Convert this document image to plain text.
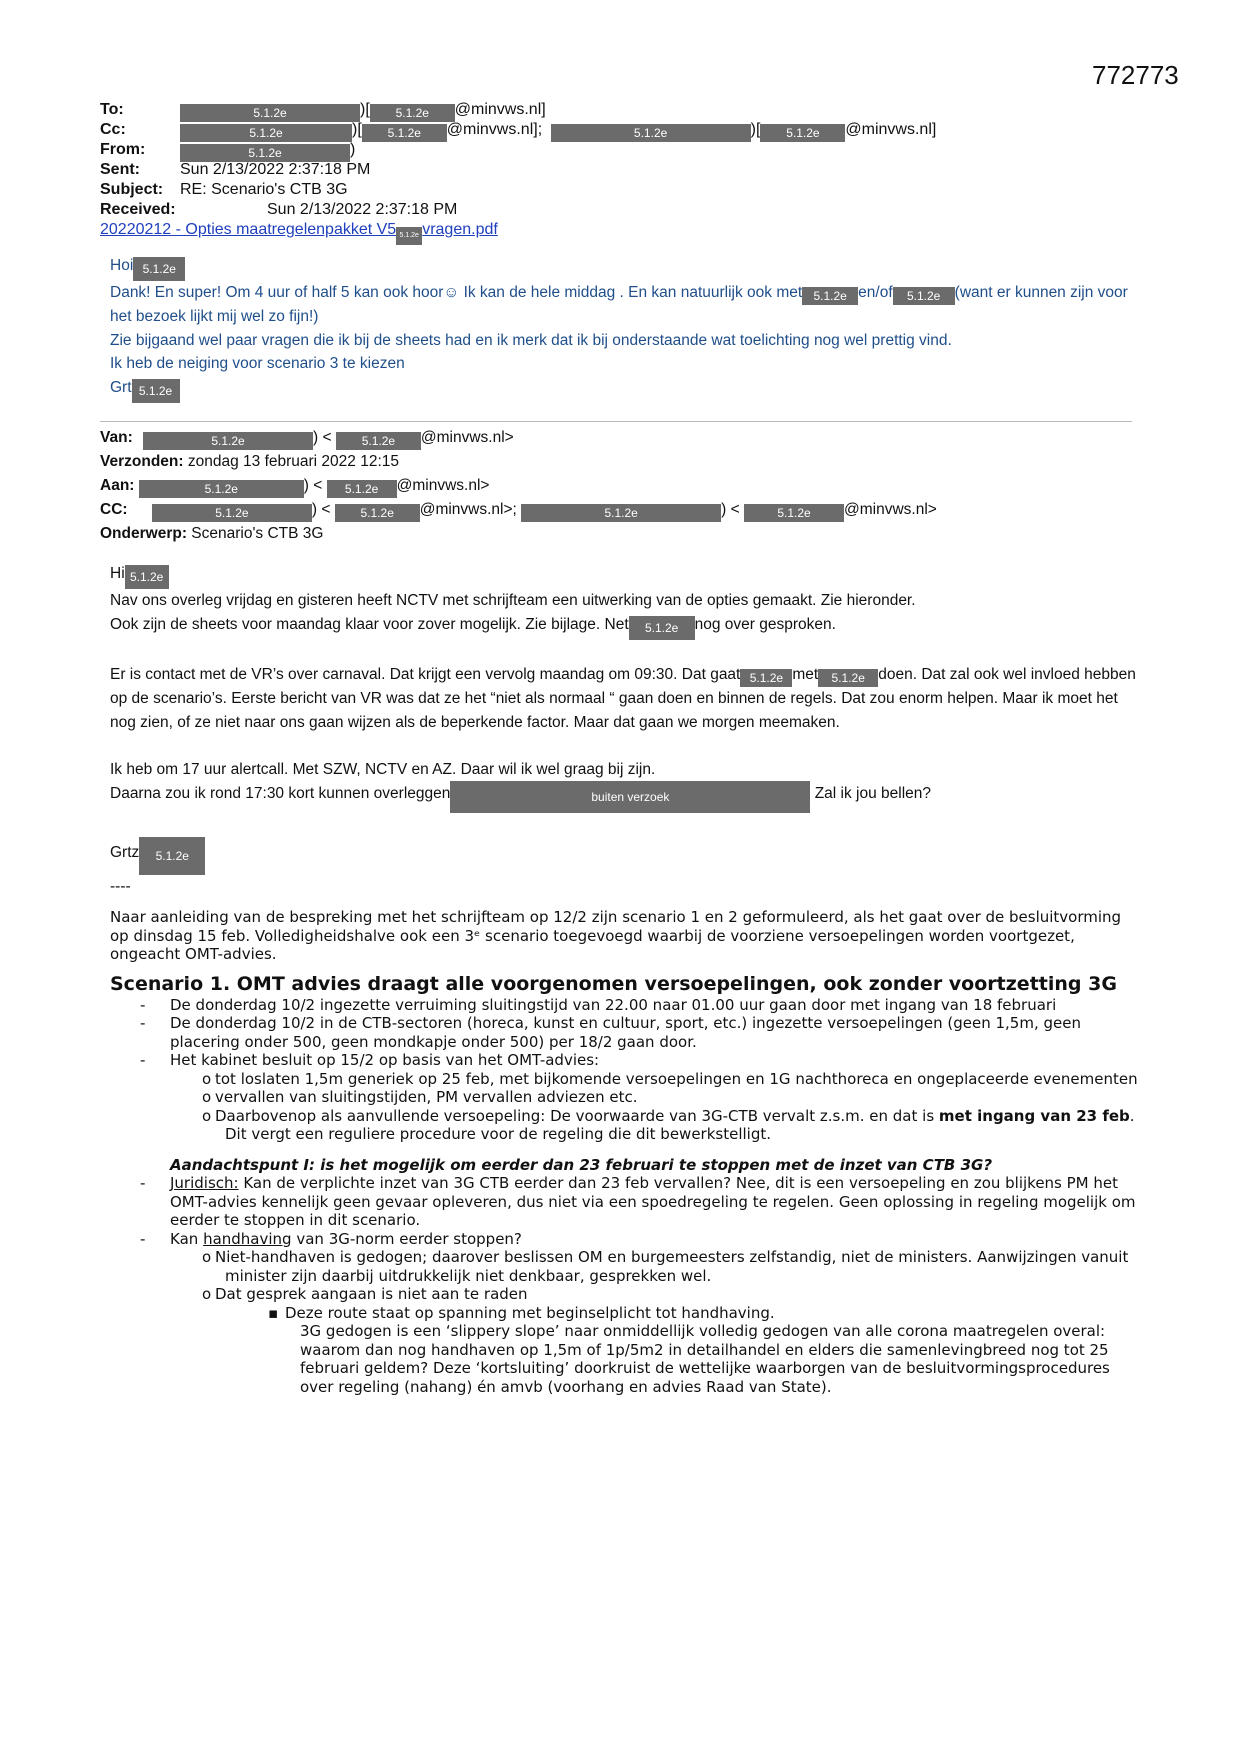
772773
To:	5.1.2e	)[ 5.1.2e @minvws.nl]
Cc:	5.1.2e	)[ 5.1.2e @minvws.nl];	5.1.2e	)[ 5.1.2e @minvws.nl]
From:	5.1.2e	)
Sent:	Sun 2/13/2022 2:37:18 PM
Subject: RE: Scenario's CTB 3G
Received:	Sun 2/13/2022 2:37:18 PM
20220212 - Opties maatregelenpakket V5 5.1.2e vragen.pdf

Hoi 5.1.2e

Dank! En super! Om 4 uur of half 5 kan ook hoor☺ Ik kan de hele middag . En kan natuurlijk ook met 5.1.2e en/of 5.1.2e (want er kunnen zijn voor het bezoek lijkt mij wel zo fijn!)

Zie bijgaand wel paar vragen die ik bij de sheets had en ik merk dat ik bij onderstaande wat toelichting nog wel prettig vind.

Ik heb de neiging voor scenario 3 te kiezen

Grt 5.1.2e

Van:	5.1.2e	) <	5.1.2e @minvws.nl>

Verzonden: zondag 13 februari 2022 12:15

Aan:	5.1.2e	) < 5.1.2e @minvws.nl>

CC:	5.1.2e	) <	5.1.2e @minvws.nl>;	5.1.2e	) <	5.1.2e @minvws.nl>

Onderwerp: Scenario's CTB 3G

Hi 5.1.2e

Nav ons overleg vrijdag en gisteren heeft NCTV met schrijfteam een uitwerking van de opties gemaakt. Zie hieronder.

Ook zijn de sheets voor maandag klaar voor zover mogelijk. Zie bijlage. Net 5.1.2e nog over gesproken.

Er is contact met de VR’s over carnaval. Dat krijgt een vervolg maandag om 09:30. Dat gaat 5.1.2e met 5.1.2e doen. Dat zal ook wel invloed hebben op de scenario’s. Eerste bericht van VR was dat ze het “niet als normaal “ gaan doen en binnen de regels. Dat zou enorm helpen. Maar ik moet het nog zien, of ze niet naar ons gaan wijzen als de beperkende factor. Maar dat gaan we morgen meemaken.

Ik heb om 17 uur alertcall. Met SZW, NCTV en AZ. Daar wil ik wel graag bij zijn.

Daarna zou ik rond 17:30 kort kunnen overleggen	buiten verzoek	Zal ik jou bellen?

Grtz 5.1.2e

----

Naar aanleiding van de bespreking met het schrijfteam op 12/2 zijn scenario 1 en 2 geformuleerd, als het gaat over de besluitvorming op dinsdag 15 feb. Volledigheidshalve ook een 3ᵉ scenario toegevoegd waarbij de voorziene versoepelingen worden voortgezet, ongeacht OMT-advies.

Scenario 1. OMT advies draagt alle voorgenomen versoepelingen, ook zonder voortzetting 3G

- De donderdag 10/2 ingezette verruiming sluitingstijd van 22.00 naar 01.00 uur gaan door met ingang van 18 februari

- De donderdag 10/2 in de CTB-sectoren (horeca, kunst en cultuur, sport, etc.) ingezette versoepelingen (geen 1,5m, geen placering onder 500, geen mondkapje onder 500) per 18/2 gaan door.

- Het kabinet besluit op 15/2 op basis van het OMT-advies:

o tot loslaten 1,5m generiek op 25 feb, met bijkomende versoepelingen en 1G nachthoreca en ongeplaceerde evenementen

o vervallen van sluitingstijden, PM vervallen adviezen etc.

o Daarbovenop als aanvullende versoepeling: De voorwaarde van 3G-CTB vervalt z.s.m. en dat is met ingang van 23 feb. Dit vergt een reguliere procedure voor de regeling die dit bewerkstelligt.

Aandachtspunt I: is het mogelijk om eerder dan 23 februari te stoppen met de inzet van CTB 3G?

- Juridisch: Kan de verplichte inzet van 3G CTB eerder dan 23 feb vervallen? Nee, dit is een versoepeling en zou blijkens PM het OMT-advies kennelijk geen gevaar opleveren, dus niet via een spoedregeling te regelen. Geen oplossing in regeling mogelijk om eerder te stoppen in dit scenario.

- Kan handhaving van 3G-norm eerder stoppen?

o Niet-handhaven is gedogen; daarover beslissen OM en burgemeesters zelfstandig, niet de ministers. Aanwijzingen vanuit minister zijn daarbij uitdrukkelijk niet denkbaar, gesprekken wel.

o Dat gesprek aangaan is niet aan te raden

▪ Deze route staat op spanning met beginselplicht tot handhaving.

3G gedogen is een ‘slippery slope’ naar onmiddellijk volledig gedogen van alle corona maatregelen overal: waarom dan nog handhaven op 1,5m of 1p/5m2 in detailhandel en elders die samenlevingbreed nog tot 25 februari geldem? Deze ‘kortsluiting’ doorkruist de wettelijke waarborgen van de besluitvormingsprocedures over regeling (nahang) én amvb (voorhang en advies Raad van State).
